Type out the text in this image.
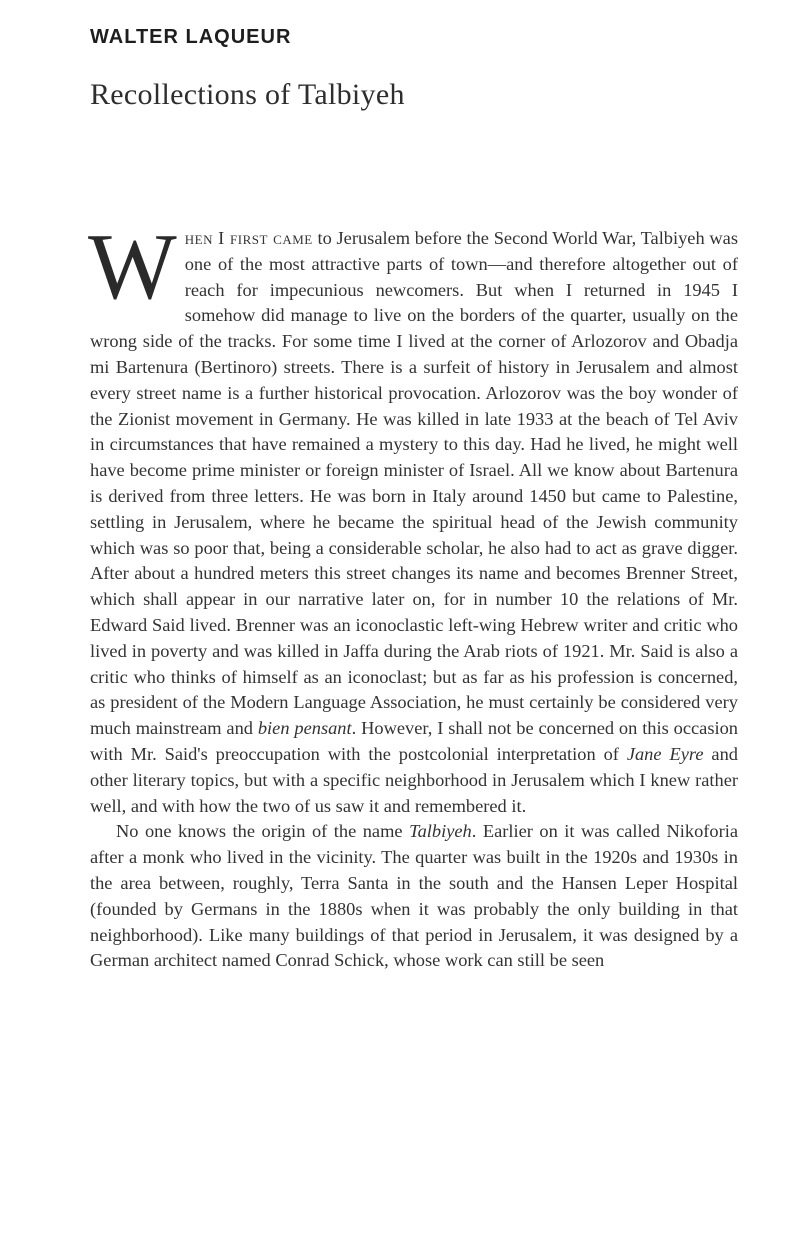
WALTER LAQUEUR
Recollections of Talbiyeh

When I first came to Jerusalem before the Second World War, Talbiyeh was one of the most attractive parts of town—and therefore altogether out of reach for impecunious newcomers. But when I returned in 1945 I somehow did manage to live on the borders of the quarter, usually on the wrong side of the tracks. For some time I lived at the corner of Arlozorov and Obadja mi Bartenura (Bertinoro) streets. There is a surfeit of history in Jerusalem and almost every street name is a further historical provocation. Arlozorov was the boy wonder of the Zionist movement in Germany. He was killed in late 1933 at the beach of Tel Aviv in circumstances that have remained a mystery to this day. Had he lived, he might well have become prime minister or foreign minister of Israel. All we know about Bartenura is derived from three letters. He was born in Italy around 1450 but came to Palestine, settling in Jerusalem, where he became the spiritual head of the Jewish community which was so poor that, being a considerable scholar, he also had to act as grave digger. After about a hundred meters this street changes its name and becomes Brenner Street, which shall appear in our narrative later on, for in number 10 the relations of Mr. Edward Said lived. Brenner was an iconoclastic left-wing Hebrew writer and critic who lived in poverty and was killed in Jaffa during the Arab riots of 1921. Mr. Said is also a critic who thinks of himself as an iconoclast; but as far as his profession is concerned, as president of the Modern Language Association, he must certainly be considered very much mainstream and bien pensant. However, I shall not be concerned on this occasion with Mr. Said's preoccupation with the postcolonial interpretation of Jane Eyre and other literary topics, but with a specific neighborhood in Jerusalem which I knew rather well, and with how the two of us saw it and remembered it.

No one knows the origin of the name Talbiyeh. Earlier on it was called Nikoforia after a monk who lived in the vicinity. The quarter was built in the 1920s and 1930s in the area between, roughly, Terra Santa in the south and the Hansen Leper Hospital (founded by Germans in the 1880s when it was probably the only building in that neighborhood). Like many buildings of that period in Jerusalem, it was designed by a German architect named Conrad Schick, whose work can still be seen
